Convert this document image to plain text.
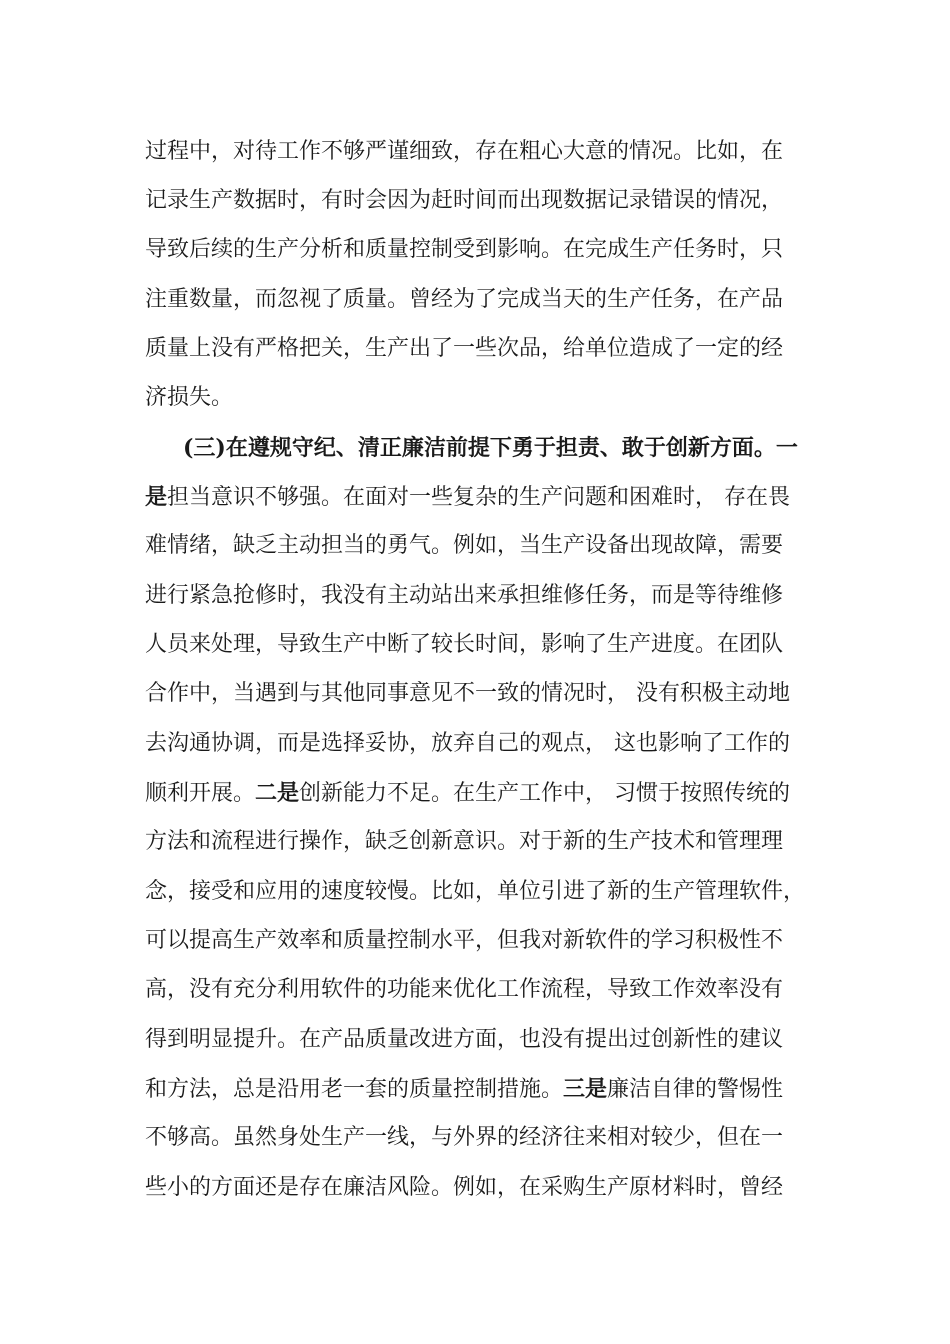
过程中，对待工作不够严谨细致，存在粗心大意的情况。比如，在
记录生产数据时，有时会因为赶时间而出现数据记录错误的情况，
导致后续的生产分析和质量控制受到影响。在完成生产任务时，只
注重数量，而忽视了质量。曾经为了完成当天的生产任务，在产品
质量上没有严格把关，生产出了一些次品，给单位造成了一定的经
济损失。
(三)在遵规守纪、清正廉洁前提下勇于担责、敢于创新方面。一
是担当意识不够强。在面对一些复杂的生产问题和困难时， 存在畏
难情绪，缺乏主动担当的勇气。例如，当生产设备出现故障，需要
进行紧急抢修时，我没有主动站出来承担维修任务，而是等待维修
人员来处理，导致生产中断了较长时间，影响了生产进度。在团队
合作中，当遇到与其他同事意见不一致的情况时， 没有积极主动地
去沟通协调，而是选择妥协，放弃自己的观点， 这也影响了工作的
顺利开展。二是创新能力不足。在生产工作中， 习惯于按照传统的
方法和流程进行操作，缺乏创新意识。对于新的生产技术和管理理
念，接受和应用的速度较慢。比如，单位引进了新的生产管理软件，
可以提高生产效率和质量控制水平，但我对新软件的学习积极性不
高，没有充分利用软件的功能来优化工作流程，导致工作效率没有
得到明显提升。在产品质量改进方面，也没有提出过创新性的建议
和方法，总是沿用老一套的质量控制措施。三是廉洁自律的警惕性
不够高。虽然身处生产一线，与外界的经济往来相对较少，但在一
些小的方面还是存在廉洁风险。例如，在采购生产原材料时，曾经
